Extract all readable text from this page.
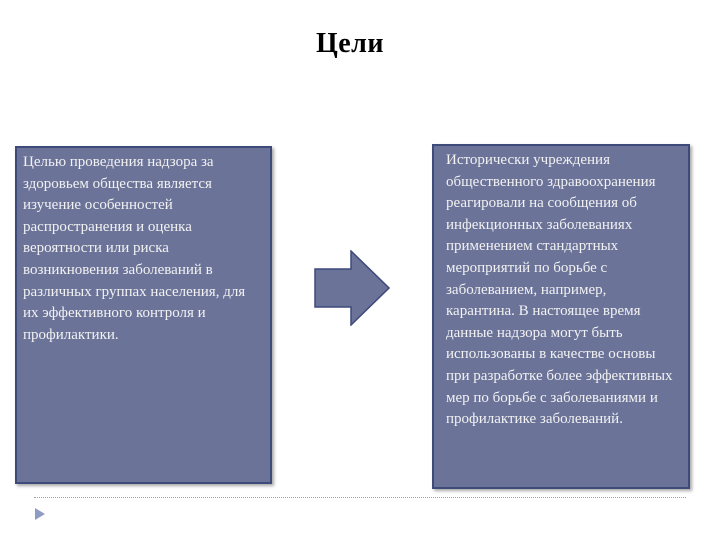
Цели

Целью проведения надзора за здоровьем общества является изучение особенностей распространения и оценка вероятности или риска возникновения заболеваний в различных группах населения, для их эффективного контроля и профилактики.

Исторически учреждения общественного здравоохранения реагировали на сообщения об инфекционных заболеваниях применением стандартных мероприятий по борьбе с заболеванием, например, карантина. В настоящее время данные надзора могут быть использованы в качестве основы при разработке более эффективных мер по борьбе с заболеваниями и профилактике заболеваний.
